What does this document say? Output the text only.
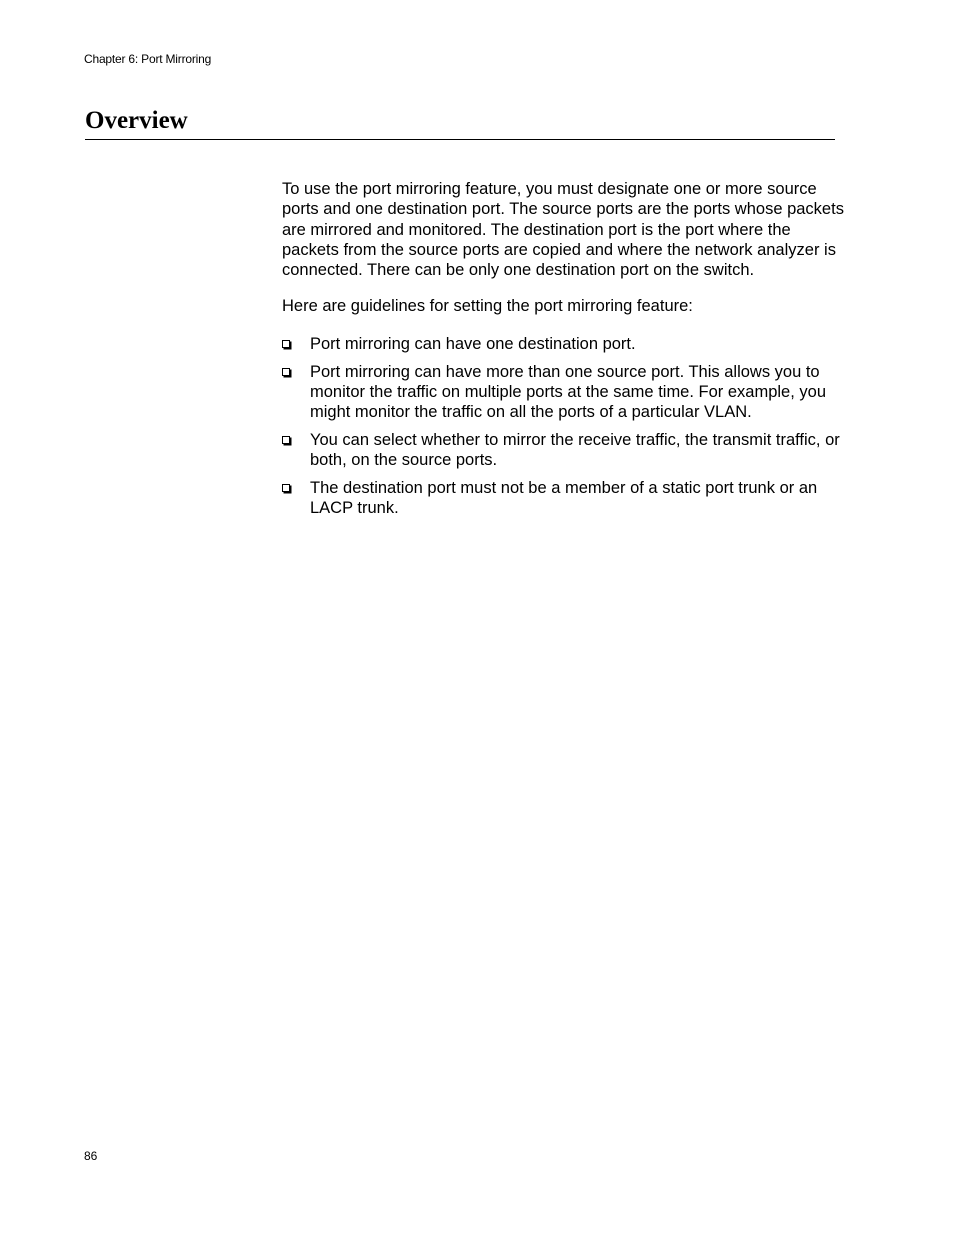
Chapter 6: Port Mirroring
Overview

To use the port mirroring feature, you must designate one or more source ports and one destination port. The source ports are the ports whose packets are mirrored and monitored. The destination port is the port where the packets from the source ports are copied and where the network analyzer is connected. There can be only one destination port on the switch.

Here are guidelines for setting the port mirroring feature:

Port mirroring can have one destination port.
Port mirroring can have more than one source port. This allows you to monitor the traffic on multiple ports at the same time. For example, you might monitor the traffic on all the ports of a particular VLAN.
You can select whether to mirror the receive traffic, the transmit traffic, or both, on the source ports.
The destination port must not be a member of a static port trunk or an LACP trunk.
86
